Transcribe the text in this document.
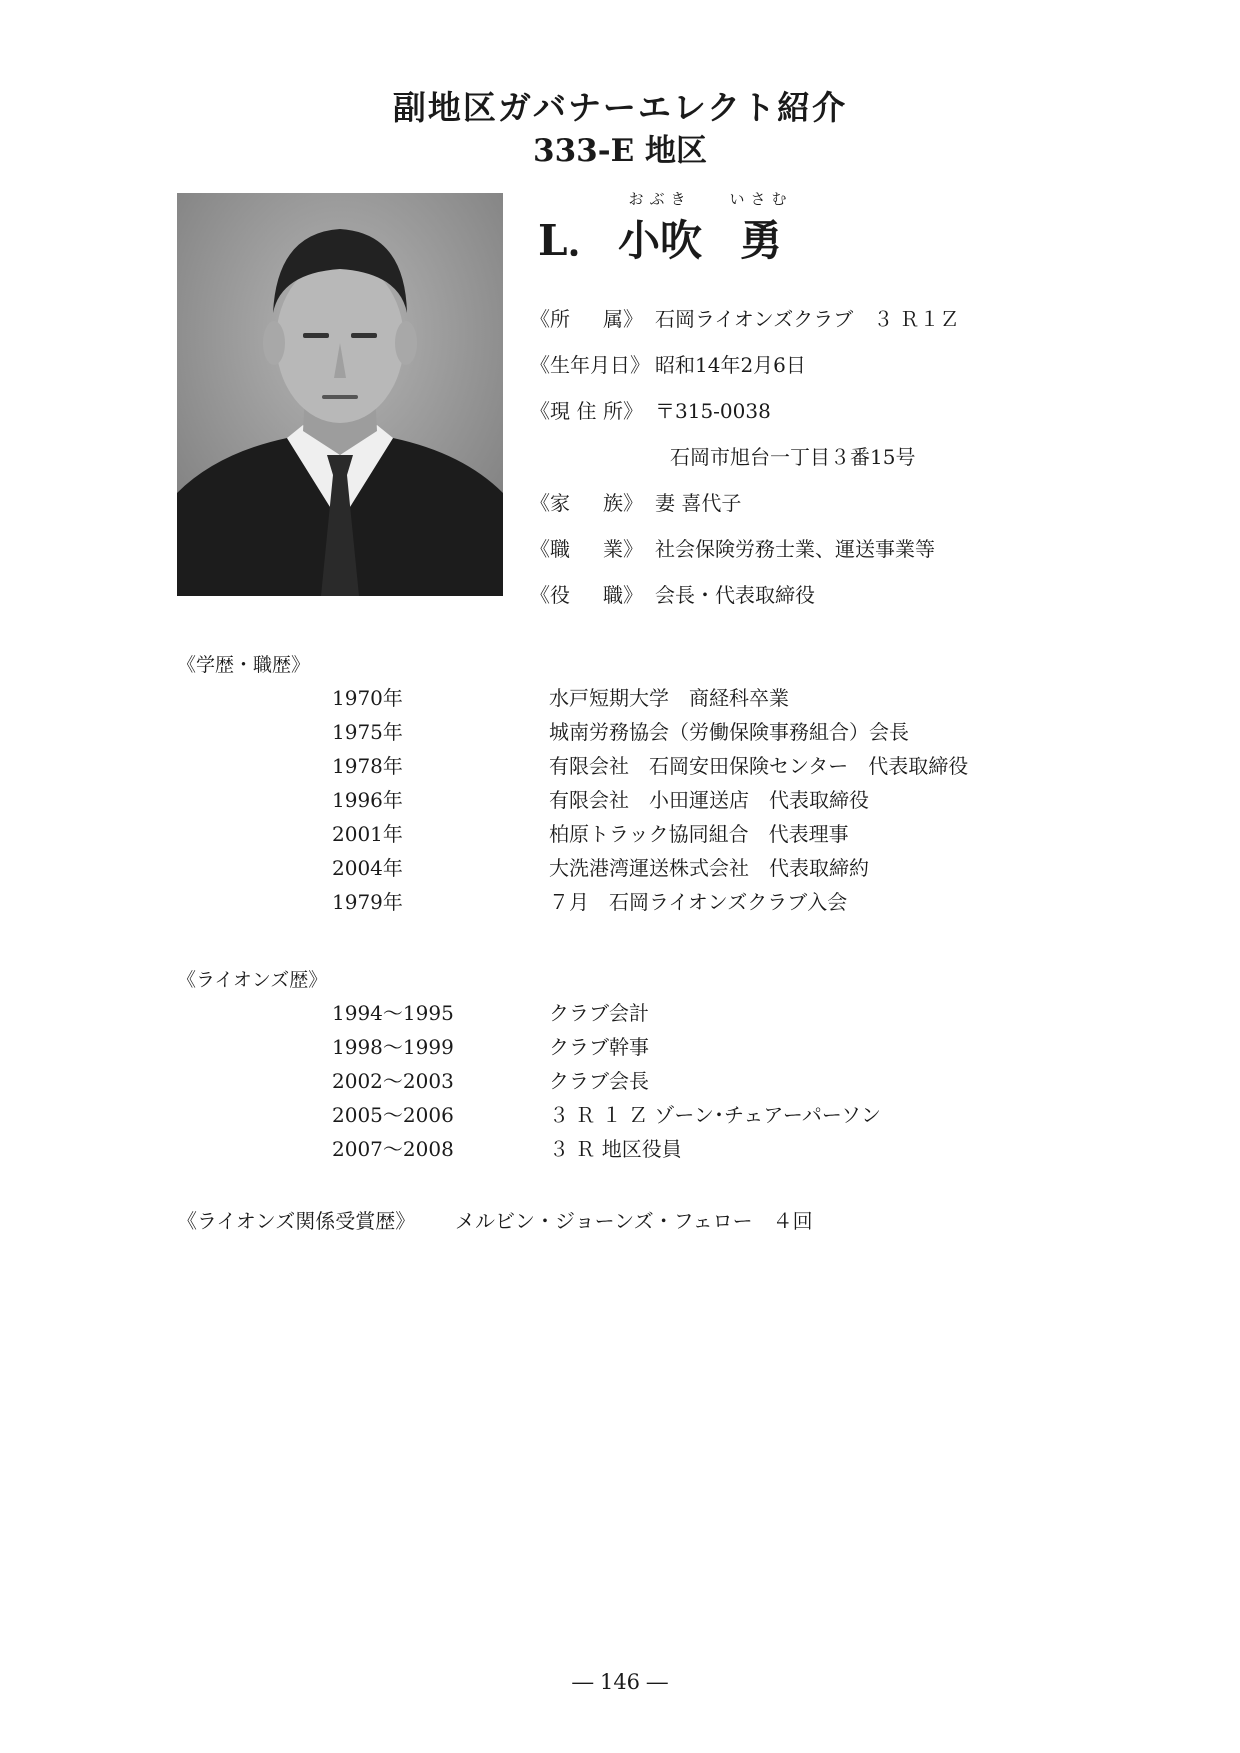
副地区ガバナーエレクト紹介
333-E 地区
L．
おぶき
小吹
いさむ
勇
《所 属》 石岡ライオンズクラブ　３ Ｒ１Ｚ
《生年月日》 昭和14年2月6日
《現 住 所》 〒315-0038
石岡市旭台一丁目３番15号
《家 族》 妻 喜代子
《職 業》 社会保険労務士業、運送事業等
《役 職》 会長・代表取締役
《学歴・職歴》
1970年	水戸短期大学　商経科卒業
1975年	城南労務協会（労働保険事務組合）会長
1978年	有限会社　石岡安田保険センター　代表取締役
1996年	有限会社　小田運送店　代表取締役
2001年	柏原トラック協同組合　代表理事
2004年	大洗港湾運送株式会社　代表取締約
1979年	７月　石岡ライオンズクラブ入会
《ライオンズ歴》
1994～1995	クラブ会計
1998～1999	クラブ幹事
2002～2003	クラブ会長
2005～2006	３ Ｒ １ Ｚ ゾーン･チェアーパーソン
2007～2008	３ Ｒ 地区役員
《ライオンズ関係受賞歴》 メルビン・ジョーンズ・フェロー　４回
― 146 ―
